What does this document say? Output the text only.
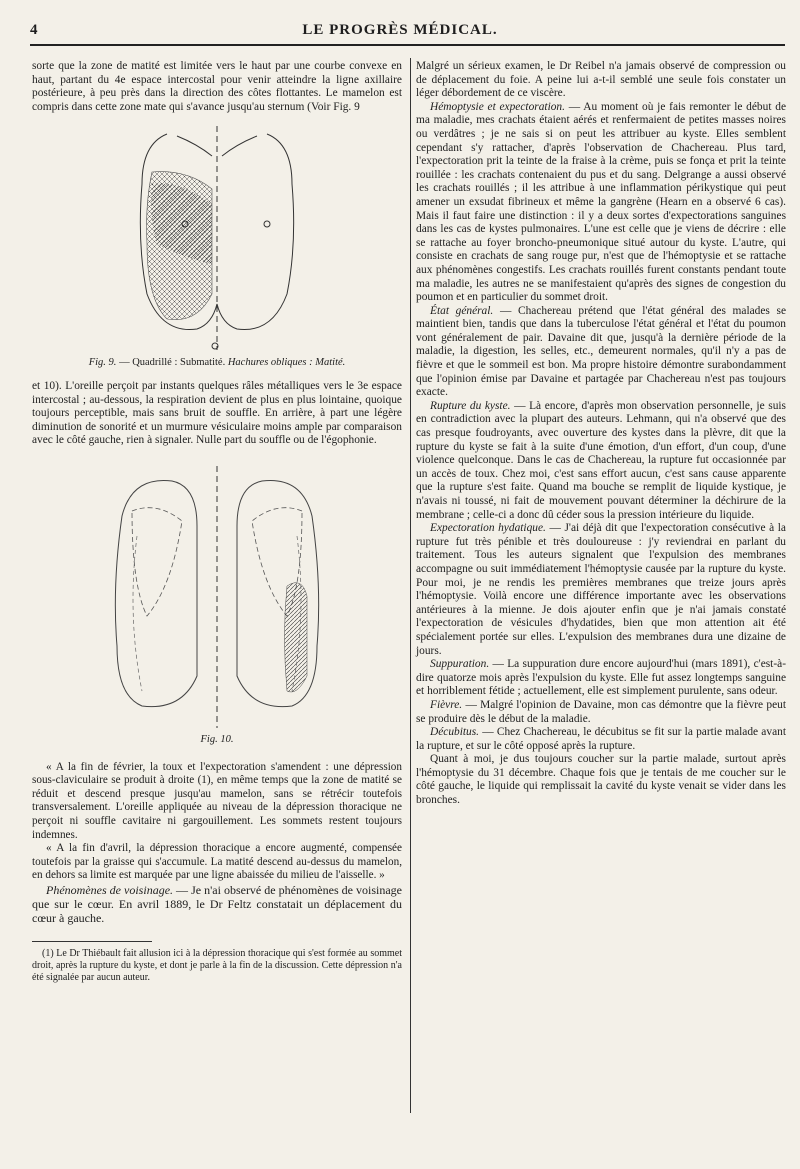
4	LE PROGRÈS MÉDICAL.

sorte que la zone de matité est limitée vers le haut par une courbe convexe en haut, partant du 4e espace intercostal pour venir atteindre la ligne axillaire postérieure, à peu près dans la direction des côtes flottantes. Le mamelon est compris dans cette zone mate qui s'avance jusqu'au sternum (Voir Fig. 9

Fig. 9. — Quadrillé : Submatité. Hachures obliques : Matité.

et 10). L'oreille perçoit par instants quelques râles métalliques vers le 3e espace intercostal ; au-dessous, la respiration devient de plus en plus lointaine, quoique toujours perceptible, mais sans bruit de souffle. En arrière, à part une légère diminution de sonorité et un murmure vésiculaire moins ample par comparaison avec le côté gauche, rien à signaler. Nulle part du souffle ou de l'égophonie.

Fig. 10.

« A la fin de février, la toux et l'expectoration s'amendent : une dépression sous-claviculaire se produit à droite (1), en même temps que la zone de matité se réduit et descend presque jusqu'au mamelon, sans se rétrécir toutefois transversalement. L'oreille appliquée au niveau de la dépression thoracique ne perçoit ni souffle cavitaire ni gargouillement. Les sommets restent toujours indemnes.

« A la fin d'avril, la dépression thoracique a encore augmenté, compensée toutefois par la graisse qui s'accumule. La matité descend au-dessus du mamelon, en dehors sa limite est marquée par une ligne abaissée du milieu de l'aisselle. »

Phénomènes de voisinage. — Je n'ai observé de phénomènes de voisinage que sur le cœur. En avril 1889, le Dr Feltz constatait un déplacement du cœur à gauche.

(1) Le Dr Thiébault fait allusion ici à la dépression thoracique qui s'est formée au sommet droit, après la rupture du kyste, et dont je parle à la fin de la discussion. Cette dépression n'a été signalée par aucun auteur.

Malgré un sérieux examen, le Dr Reibel n'a jamais observé de compression ou de déplacement du foie. A peine lui a-t-il semblé une seule fois constater un léger débordement de ce viscère.

Hémoptysie et expectoration. — Au moment où je fais remonter le début de ma maladie, mes crachats étaient aérés et renfermaient de petites masses noires ou verdâtres ; je ne sais si on peut les attribuer au kyste. Elles semblent cependant s'y rattacher, d'après l'observation de Chachereau. Plus tard, l'expectoration prit la teinte de la fraise à la crème, puis se fonça et prit la teinte rouillée : les crachats contenaient du pus et du sang. Delgrange a aussi observé les crachats rouillés ; il les attribue à une inflammation périkystique qui peut amener un exsudat fibrineux et même la gangrène (Hearn en a observé 6 cas). Mais il faut faire une distinction : il y a deux sortes d'expectorations sanguines dans les cas de kystes pulmonaires. L'une est celle que je viens de décrire : elle se rattache au foyer broncho-pneumonique situé autour du kyste. L'autre, qui consiste en crachats de sang rouge pur, n'est que de l'hémoptysie et se rattache aux phénomènes congestifs. Les crachats rouillés furent constants pendant toute ma maladie, les autres ne se manifestaient qu'après des signes de congestion du poumon et en particulier du sommet droit.

État général. — Chachereau prétend que l'état général des malades se maintient bien, tandis que dans la tuberculose l'état général et l'état du poumon vont généralement de pair. Davaine dit que, jusqu'à la dernière période de la maladie, la digestion, les selles, etc., demeurent normales, qu'il n'y a pas de fièvre et que le sommeil est bon. Ma propre histoire démontre surabondamment que l'opinion émise par Davaine et partagée par Chachereau n'est pas toujours exacte.

Rupture du kyste. — Là encore, d'après mon observation personnelle, je suis en contradiction avec la plupart des auteurs. Lehmann, qui n'a observé que des cas presque foudroyants, avec ouverture des kystes dans la plèvre, dit que la rupture du kyste se fait à la suite d'une émotion, d'un effort, d'un coup, d'une violence quelconque. Dans le cas de Chachereau, la rupture fut occasionnée par un accès de toux. Chez moi, c'est sans effort aucun, c'est sans cause apparente que la rupture s'est faite. Quand ma bouche se remplit de liquide kystique, je n'avais ni toussé, ni fait de mouvement pouvant déterminer la déchirure de la membrane ; celle-ci a donc dû céder sous la pression intérieure du liquide.

Expectoration hydatique. — J'ai déjà dit que l'expectoration consécutive à la rupture fut très pénible et très douloureuse : j'y reviendrai en parlant du traitement. Tous les auteurs signalent que l'expulsion des membranes accompagne ou suit immédiatement l'hémoptysie causée par la rupture du kyste. Pour moi, je ne rendis les premières membranes que treize jours après l'hémoptysie. Voilà encore une différence importante avec les observations antérieures à la mienne. Je dois ajouter enfin que je n'ai jamais constaté l'expectoration de vésicules d'hydatides, bien que mon attention ait été spécialement portée sur elles. L'expulsion des membranes dura une dizaine de jours.

Suppuration. — La suppuration dure encore aujourd'hui (mars 1891), c'est-à-dire quatorze mois après l'expulsion du kyste. Elle fut assez longtemps sanguine et horriblement fétide ; actuellement, elle est simplement purulente, sans odeur.

Fièvre. — Malgré l'opinion de Davaine, mon cas démontre que la fièvre peut se produire dès le début de la maladie.

Décubitus. — Chez Chachereau, le décubitus se fit sur la partie malade avant la rupture, et sur le côté opposé après la rupture.

Quant à moi, je dus toujours coucher sur la partie malade, surtout après l'hémoptysie du 31 décembre. Chaque fois que je tentais de me coucher sur le côté gauche, le liquide qui remplissait la cavité du kyste venait se vider dans les bronches.
